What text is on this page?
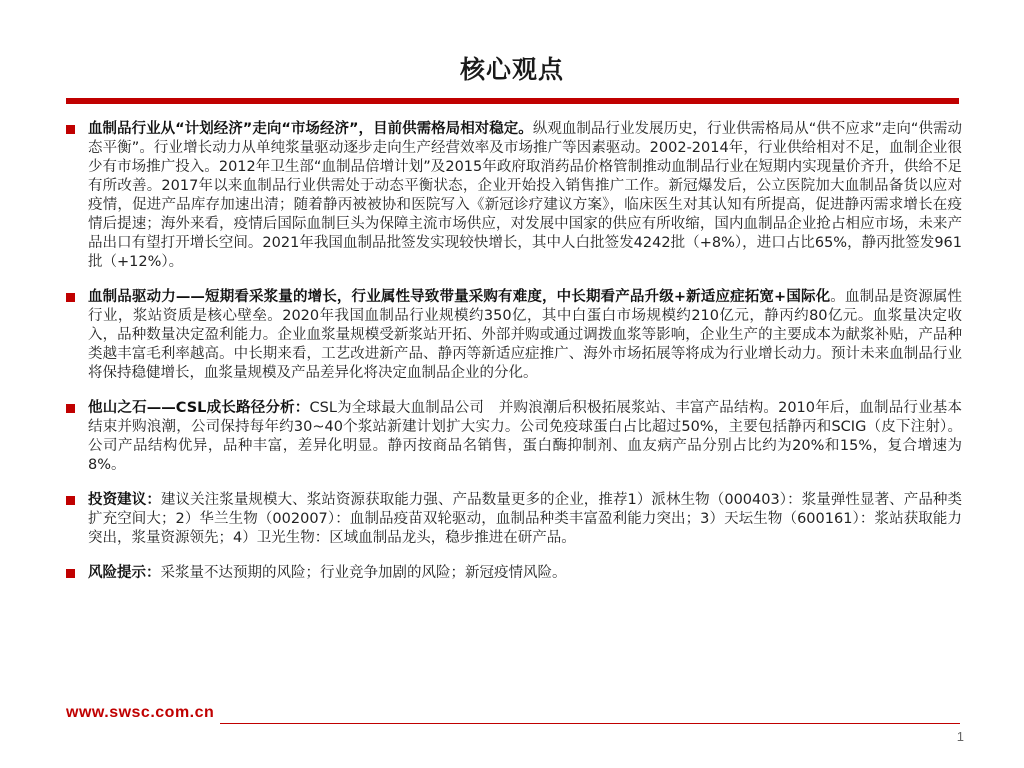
核心观点

血制品行业从“计划经济”走向“市场经济”，目前供需格局相对稳定。纵观血制品行业发展历史，行业供需格局从“供不应求”走向“供需动态平衡”。行业增长动力从单纯浆量驱动逐步走向生产经营效率及市场推广等因素驱动。2002-2014年，行业供给相对不足，血制企业很少有市场推广投入。2012年卫生部“血制品倍增计划”及2015年政府取消药品价格管制推动血制品行业在短期内实现量价齐升，供给不足有所改善。2017年以来血制品行业供需处于动态平衡状态，企业开始投入销售推广工作。新冠爆发后，公立医院加大血制品备货以应对疫情，促进产品库存加速出清；随着静丙被被协和医院写入《新冠诊疗建议方案》，临床医生对其认知有所提高，促进静丙需求增长在疫情后提速；海外来看，疫情后国际血制巨头为保障主流市场供应，对发展中国家的供应有所收缩，国内血制品企业抢占相应市场，未来产品出口有望打开增长空间。2021年我国血制品批签发实现较快增长，其中人白批签发4242批（+8%），进口占比65%，静丙批签发961批（+12%）。

血制品驱动力——短期看采浆量的增长，行业属性导致带量采购有难度，中长期看产品升级+新适应症拓宽+国际化。血制品是资源属性行业，浆站资质是核心壁垒。2020年我国血制品行业规模约350亿，其中白蛋白市场规模约210亿元，静丙约80亿元。血浆量决定收入，品种数量决定盈利能力。企业血浆量规模受新浆站开拓、外部并购或通过调拨血浆等影响，企业生产的主要成本为献浆补贴，产品种类越丰富毛利率越高。中长期来看，工艺改进新产品、静丙等新适应症推广、海外市场拓展等将成为行业增长动力。预计未来血制品行业将保持稳健增长，血浆量规模及产品差异化将决定血制品企业的分化。

他山之石——CSL成长路径分析：CSL为全球最大血制品公司　并购浪潮后积极拓展浆站、丰富产品结构。2010年后，血制品行业基本结束并购浪潮，公司保持每年约30~40个浆站新建计划扩大实力。公司免疫球蛋白占比超过50%，主要包括静丙和SCIG（皮下注射）。公司产品结构优异，品种丰富，差异化明显。静丙按商品名销售，蛋白酶抑制剂、血友病产品分别占比约为20%和15%，复合增速为8%。

投资建议：建议关注浆量规模大、浆站资源获取能力强、产品数量更多的企业，推荐1）派林生物（000403）：浆量弹性显著、产品种类扩充空间大；2）华兰生物（002007）：血制品疫苗双轮驱动，血制品种类丰富盈利能力突出；3）天坛生物（600161）：浆站获取能力突出，浆量资源领先；4）卫光生物：区域血制品龙头，稳步推进在研产品。

风险提示：采浆量不达预期的风险；行业竞争加剧的风险；新冠疫情风险。

www.swsc.com.cn
1
